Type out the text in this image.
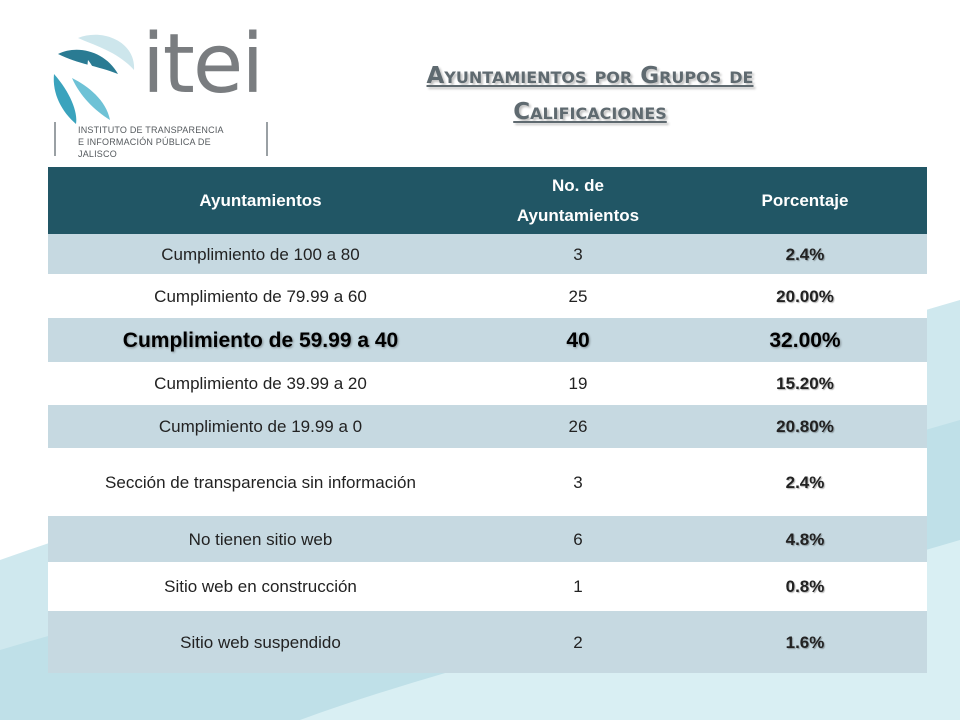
itei
INSTITUTO DE TRANSPARENCIA
E INFORMACIÓN PÚBLICA DE JALISCO
Ayuntamientos por Grupos de
Calificaciones
Ayuntamientos	No. de Ayuntamientos	Porcentaje
Cumplimiento de 100 a 80	3	2.4%
Cumplimiento de 79.99 a 60	25	20.00%
Cumplimiento de 59.99 a 40	40	32.00%
Cumplimiento de 39.99 a 20	19	15.20%
Cumplimiento de 19.99 a 0	26	20.80%
Sección de transparencia sin información	3	2.4%
No tienen sitio web	6	4.8%
Sitio web en construcción	1	0.8%
Sitio web suspendido	2	1.6%
